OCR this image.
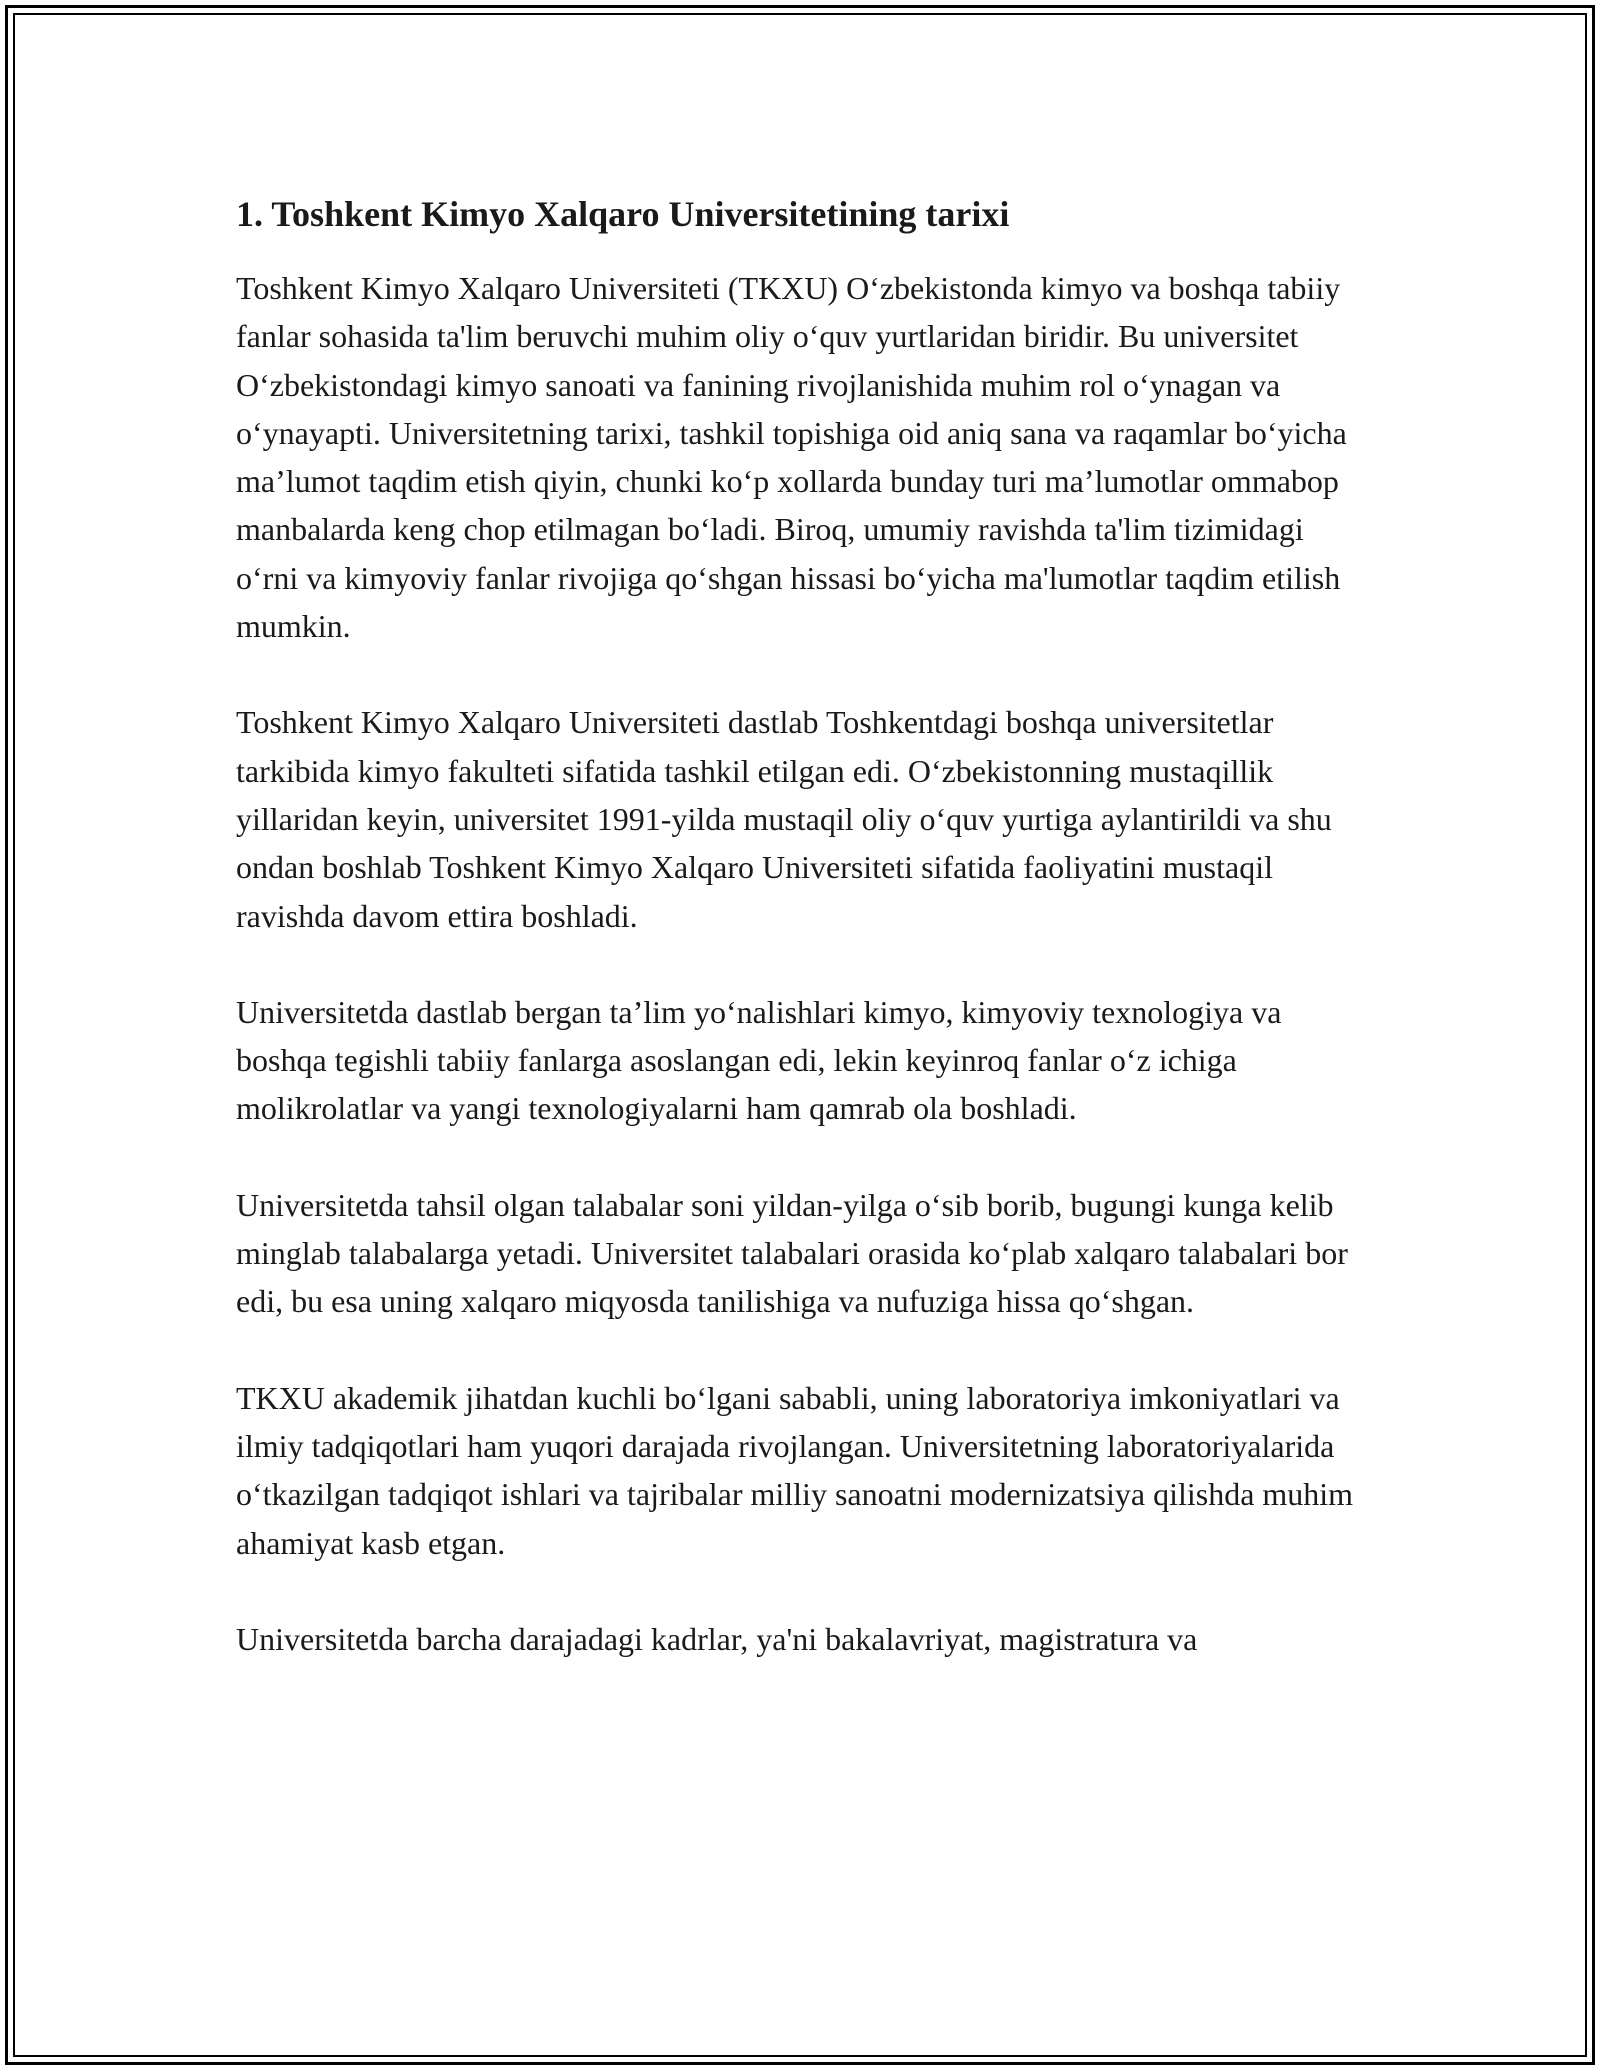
1. Toshkent Kimyo Xalqaro Universitetining tarixi

Toshkent Kimyo Xalqaro Universiteti (TKXU) O‘zbekistonda kimyo va boshqa tabiiy fanlar sohasida ta'lim beruvchi muhim oliy o‘quv yurtlaridan biridir. Bu universitet O‘zbekistondagi kimyo sanoati va fanining rivojlanishida muhim rol o‘ynagan va o‘ynayapti. Universitetning tarixi, tashkil topishiga oid aniq sana va raqamlar bo‘yicha ma’lumot taqdim etish qiyin, chunki ko‘p xollarda bunday turi ma’lumotlar ommabop manbalarda keng chop etilmagan bo‘ladi. Biroq, umumiy ravishda ta'lim tizimidagi o‘rni va kimyoviy fanlar rivojiga qo‘shgan hissasi bo‘yicha ma'lumotlar taqdim etilish mumkin.

Toshkent Kimyo Xalqaro Universiteti dastlab Toshkentdagi boshqa universitetlar tarkibida kimyo fakulteti sifatida tashkil etilgan edi. O‘zbekistonning mustaqillik yillaridan keyin, universitet 1991-yilda mustaqil oliy o‘quv yurtiga aylantirildi va shu ondan boshlab Toshkent Kimyo Xalqaro Universiteti sifatida faoliyatini mustaqil ravishda davom ettira boshladi.

Universitetda dastlab bergan ta’lim yo‘nalishlari kimyo, kimyoviy texnologiya va boshqa tegishli tabiiy fanlarga asoslangan edi, lekin keyinroq fanlar o‘z ichiga molikrolatlar va yangi texnologiyalarni ham qamrab ola boshladi.

Universitetda tahsil olgan talabalar soni yildan-yilga o‘sib borib, bugungi kunga kelib minglab talabalarga yetadi. Universitet talabalari orasida ko‘plab xalqaro talabalari bor edi, bu esa uning xalqaro miqyosda tanilishiga va nufuziga hissa qo‘shgan.

TKXU akademik jihatdan kuchli bo‘lgani sababli, uning laboratoriya imkoniyatlari va ilmiy tadqiqotlari ham yuqori darajada rivojlangan. Universitetning laboratoriyalarida o‘tkazilgan tadqiqot ishlari va tajribalar milliy sanoatni modernizatsiya qilishda muhim ahamiyat kasb etgan.

Universitetda barcha darajadagi kadrlar, ya'ni bakalavriyat, magistratura va
